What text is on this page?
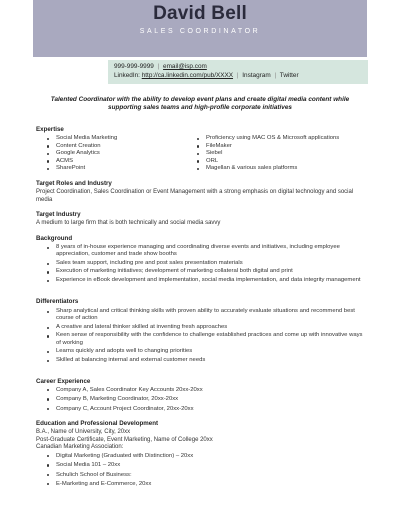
David Bell
SALES COORDINATOR
999-999-9999 | email@isp.com
LinkedIn: http://ca.linkedin.com/pub/XXXX | Instagram | Twitter
Talented Coordinator with the ability to develop event plans and create digital media content while supporting sales teams and high-profile corporate initiatives
Expertise
Social Media Marketing
Content Creation
Google Analytics
ACMS
SharePoint
Proficiency using MAC OS & Microsoft applications
FileMaker
Siebel
ORL
Magellan & various sales platforms
Target Roles and Industry
Project Coordination, Sales Coordination or Event Management with a strong emphasis on digital technology and social media
Target Industry
A medium to large firm that is both technically and social media savvy
Background
8 years of in-house experience managing and coordinating diverse events and initiatives, including employee appreciation, customer and trade show booths
Sales team support, including pre and post sales presentation materials
Execution of marketing initiatives; development of marketing collateral both digital and print
Experience in eBook development and implementation, social media implementation, and data integrity management
Differentiators
Sharp analytical and critical thinking skills with proven ability to accurately evaluate situations and recommend best course of action
A creative and lateral thinker skilled at inventing fresh approaches
Keen sense of responsibility with the confidence to challenge established practices and come up with innovative ways of working
Learns quickly and adopts well to changing priorities
Skilled at balancing internal and external customer needs
Career Experience
Company A, Sales Coordinator Key Accounts 20xx-20xx
Company B, Marketing Coordinator, 20xx-20xx
Company C, Account Project Coordinator, 20xx-20xx
Education and Professional Development
B.A., Name of University, City, 20xx
Post-Graduate Certificate, Event Marketing, Name of College 20xx
Canadian Marketing Association:
Digital Marketing (Graduated with Distinction) – 20xx
Social Media 101 – 20xx
Schulich School of Business:
E-Marketing and E-Commerce, 20xx
